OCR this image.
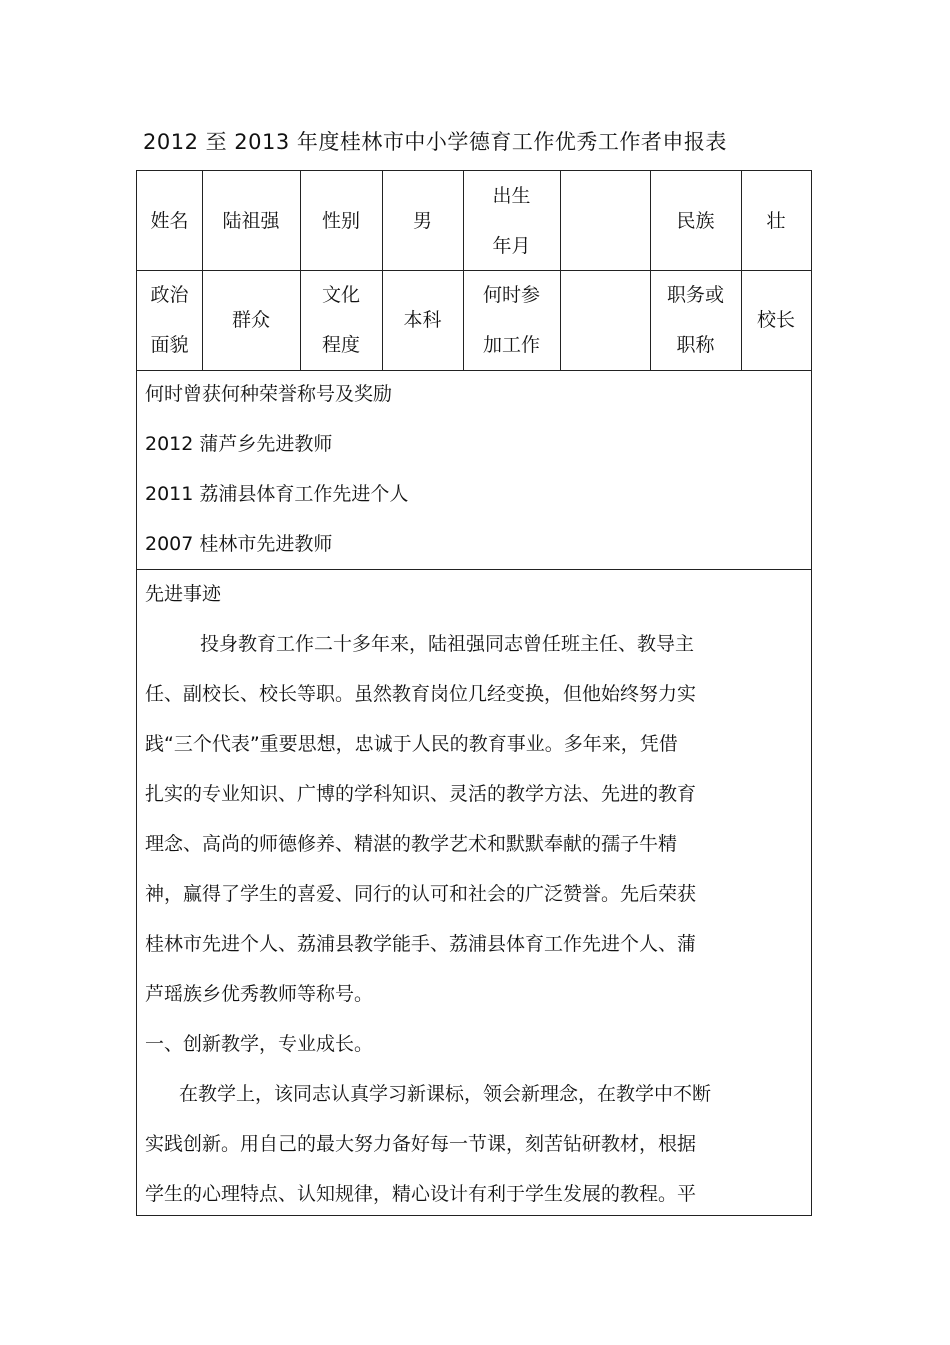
2012 至 2013 年度桂林市中小学德育工作优秀工作者申报表
姓名 陆祖强 性别	男
出生
年月
民族	壮
政治
面貌
群众
文化
程度
本科
何时参
加工作
职务或
职称
校长
何时曾获何种荣誉称号及奖励
2012 蒲芦乡先进教师
2011 荔浦县体育工作先进个人
2007 桂林市先进教师
先进事迹
投身教育工作二十多年来，陆祖强同志曾任班主任、教导主
任、副校长、校长等职。虽然教育岗位几经变换，但他始终努力实
践“三个代表”重要思想，忠诚于人民的教育事业。多年来，凭借
扎实的专业知识、广博的学科知识、灵活的教学方法、先进的教育
理念、高尚的师德修养、精湛的教学艺术和默默奉献的孺子牛精
神，赢得了学生的喜爱、同行的认可和社会的广泛赞誉。先后荣获
桂林市先进个人、荔浦县教学能手、荔浦县体育工作先进个人、蒲
芦瑶族乡优秀教师等称号。
一、创新教学，专业成长。
在教学上，该同志认真学习新课标，领会新理念，在教学中不断
实践创新。用自己的最大努力备好每一节课，刻苦钻研教材，根据
学生的心理特点、认知规律，精心设计有利于学生发展的教程。平
